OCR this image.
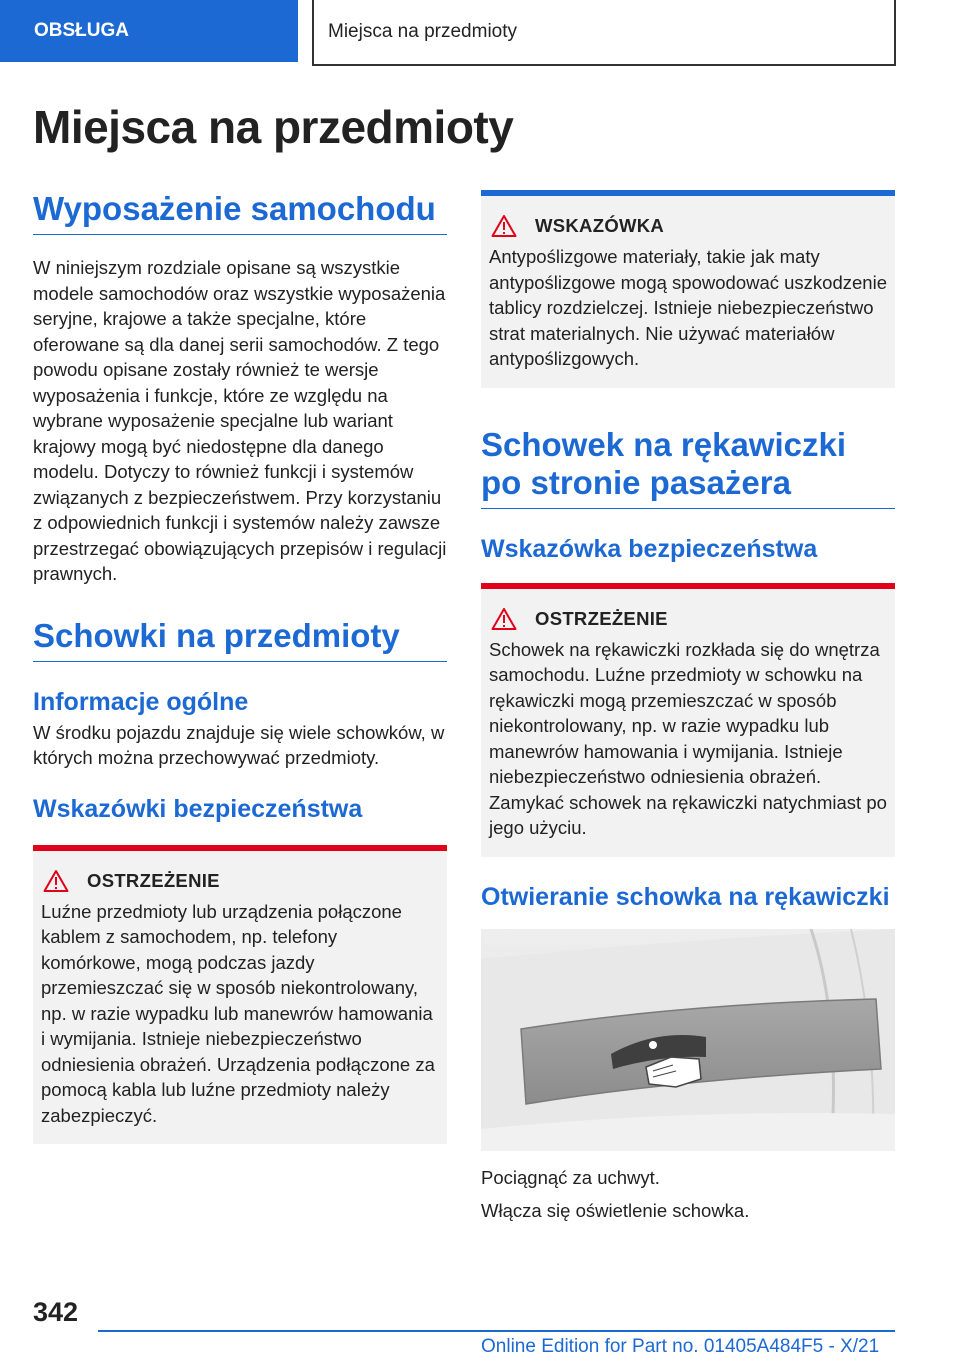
OBSŁUGA	Miejsca na przedmioty
Miejsca na przedmioty
Wyposażenie samochodu

W niniejszym rozdziale opisane są wszystkie modele samochodów oraz wszystkie wyposażenia seryjne, krajowe a także specjalne, które oferowane są dla danej serii samochodów. Z tego powodu opisane zostały również te wersje wyposażenia i funkcje, które ze względu na wybrane wyposażenie specjalne lub wariant krajowy mogą być niedostępne dla danego modelu. Dotyczy to również funkcji i systemów związanych z bezpieczeństwem. Przy korzystaniu z odpowiednich funkcji i systemów należy zawsze przestrzegać obowiązujących przepisów i regulacji prawnych.

Schowki na przedmioty
Informacje ogólne

W środku pojazdu znajduje się wiele schowków, w których można przechowywać przedmioty.

Wskazówki bezpieczeństwa
OSTRZEŻENIE

Luźne przedmioty lub urządzenia połączone kablem z samochodem, np. telefony komórkowe, mogą podczas jazdy przemieszczać się w sposób niekontrolowany, np. w razie wypadku lub manewrów hamowania i wymijania. Istnieje niebezpieczeństwo odniesienia obrażeń. Urządzenia podłączone za pomocą kabla lub luźne przedmioty należy zabezpieczyć.

WSKAZÓWKA

Antypoślizgowe materiały, takie jak maty antypoślizgowe mogą spowodować uszkodzenie tablicy rozdzielczej. Istnieje niebezpieczeństwo strat materialnych. Nie używać materiałów antypoślizgowych.

Schowek na rękawiczki po stronie pasażera
Wskazówka bezpieczeństwa
OSTRZEŻENIE

Schowek na rękawiczki rozkłada się do wnętrza samochodu. Luźne przedmioty w schowku na rękawiczki mogą przemieszczać w sposób niekontrolowany, np. w razie wypadku lub manewrów hamowania i wymijania. Istnieje niebezpieczeństwo odniesienia obrażeń. Zamykać schowek na rękawiczki natychmiast po jego użyciu.

Otwieranie schowka na rękawiczki

Pociągnąć za uchwyt.

Włącza się oświetlenie schowka.

342
Online Edition for Part no. 01405A484F5 - X/21
